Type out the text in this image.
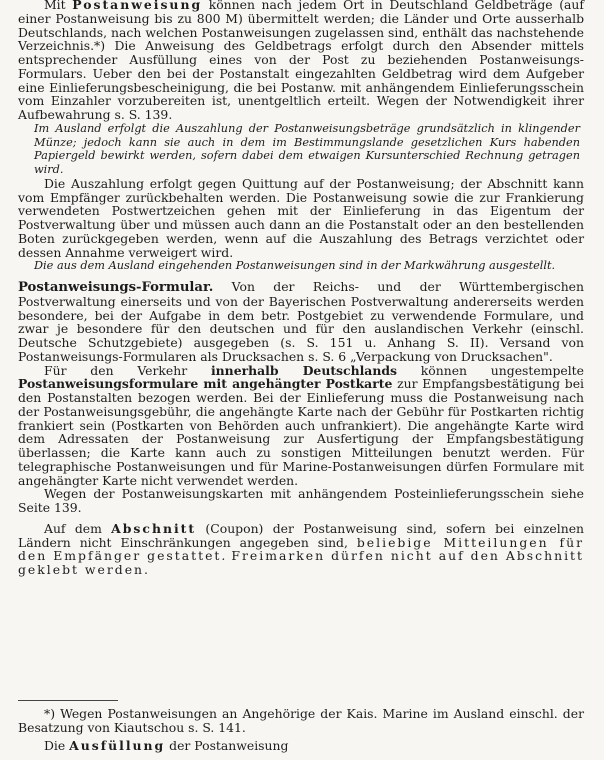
Mit Postanweisung können nach jedem Ort in Deutschland Geldbeträge (auf einer Postanweisung bis zu 800 M) übermittelt werden; die Länder und Orte ausserhalb Deutschlands, nach welchen Postanweisungen zugelassen sind, enthält das nachstehende Verzeichnis.*) Die Anweisung des Geldbetrags erfolgt durch den Absender mittels entsprechender Ausfüllung eines von der Post zu beziehenden Postanweisungs-Formulars. Ueber den bei der Postanstalt eingezahlten Geldbetrag wird dem Aufgeber eine Einlieferungsbescheinigung, die bei Postanw. mit anhängendem Einlieferungsschein vom Einzahler vorzubereiten ist, unentgeltlich erteilt. Wegen der Notwendigkeit ihrer Aufbewahrung s. S. 139.

Im Ausland erfolgt die Auszahlung der Postanweisungsbeträge grundsätzlich in klingender Münze; jedoch kann sie auch in dem im Bestimmungslande gesetzlichen Kurs habenden Papiergeld bewirkt werden, sofern dabei dem etwaigen Kursunterschied Rechnung getragen wird.

Die Auszahlung erfolgt gegen Quittung auf der Postanweisung; der Abschnitt kann vom Empfänger zurückbehalten werden. Die Postanweisung sowie die zur Frankierung verwendeten Postwertzeichen gehen mit der Einlieferung in das Eigentum der Postverwaltung über und müssen auch dann an die Postanstalt oder an den bestellenden Boten zurückgegeben werden, wenn auf die Auszahlung des Betrags verzichtet oder dessen Annahme verweigert wird.

Die aus dem Ausland eingehenden Postanweisungen sind in der Markwährung ausgestellt.

Postanweisungs-Formular. Von der Reichs- und der Württembergischen Postverwaltung einerseits und von der Bayerischen Postverwaltung andererseits werden besondere, bei der Aufgabe in dem betr. Postgebiet zu verwendende Formulare, und zwar je besondere für den deutschen und für den auslandischen Verkehr (einschl. Deutsche Schutzgebiete) ausgegeben (s. S. 151 u. Anhang S. II). Versand von Postanweisungs-Formularen als Drucksachen s. S. 6 „Verpackung von Drucksachen".

Für den Verkehr innerhalb Deutschlands können ungestempelte Postanweisungsformulare mit angehängter Postkarte zur Empfangsbestätigung bei den Postanstalten bezogen werden. Bei der Einlieferung muss die Postanweisung nach der Postanweisungsgebühr, die angehängte Karte nach der Gebühr für Postkarten richtig frankiert sein (Postkarten von Behörden auch unfrankiert). Die angehängte Karte wird dem Adressaten der Postanweisung zur Ausfertigung der Empfangsbestätigung überlassen; die Karte kann auch zu sonstigen Mitteilungen benutzt werden. Für telegraphische Postanweisungen und für Marine-Postanweisungen dürfen Formulare mit angehängter Karte nicht verwendet werden.

Wegen der Postanweisungskarten mit anhängendem Posteinlieferungsschein siehe Seite 139.

Auf dem Abschnitt (Coupon) der Postanweisung sind, sofern bei einzelnen Ländern nicht Einschränkungen angegeben sind, beliebige Mitteilungen für den Empfänger gestattet. Freimarken dürfen nicht auf den Abschnitt geklebt werden.

*) Wegen Postanweisungen an Angehörige der Kais. Marine im Ausland einschl. der Besatzung von Kiautschou s. S. 141.

Die Ausfüllung der Postanweisung
